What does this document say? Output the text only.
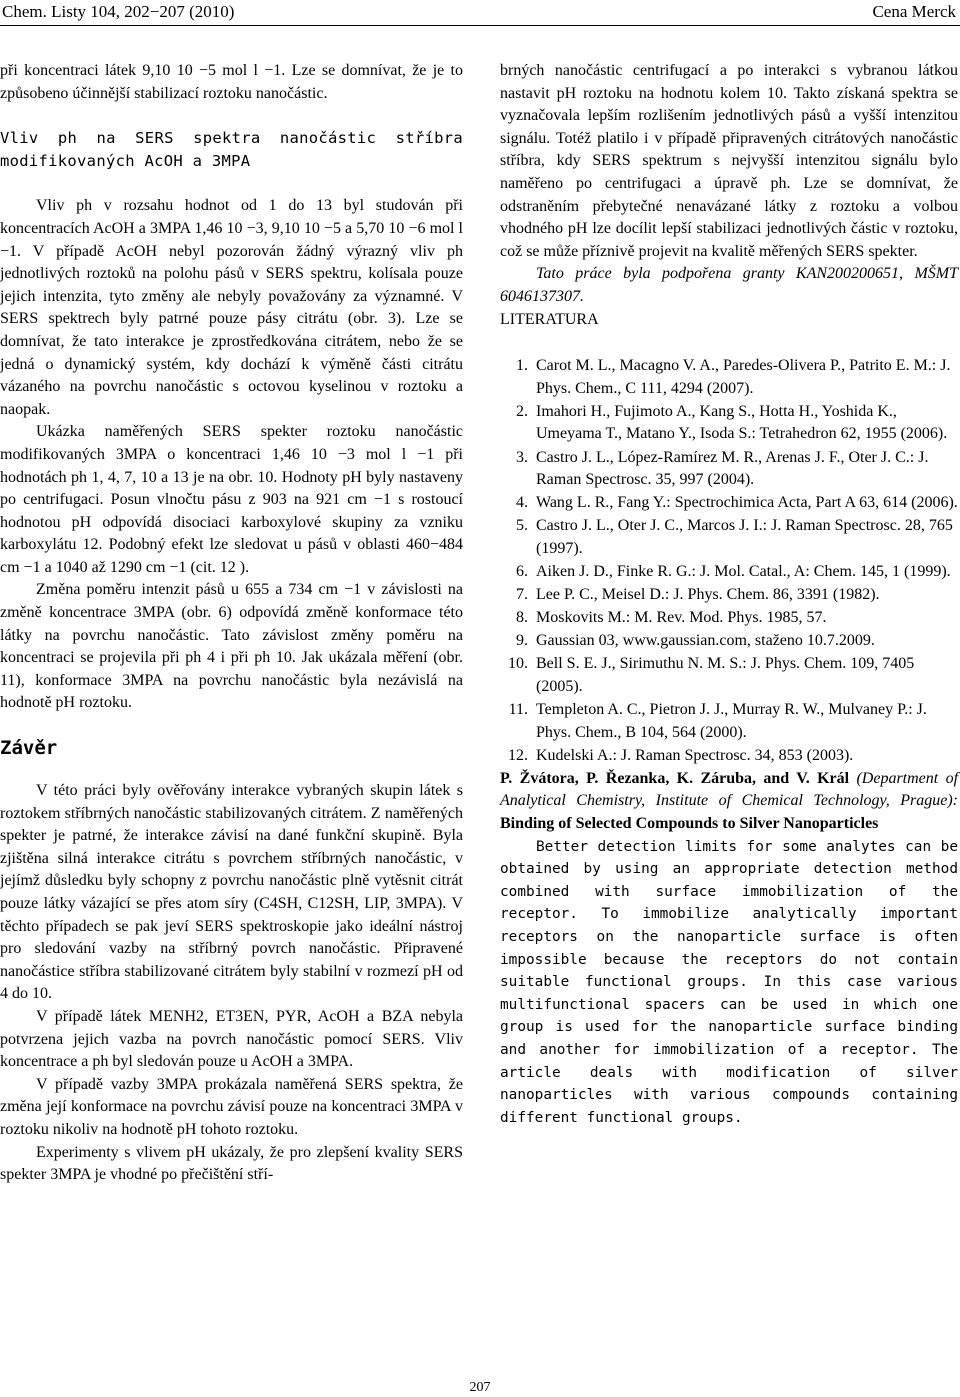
Chem. Listy 104, 202−207 (2010)	Cena Merck

při koncentraci látek 9,10 10 −5 mol l −1. Lze se domnívat, že je to způsobeno účinnější stabilizací roztoku nanočástic.

Vliv ph na SERS spektra nanočástic stříbra modifikovaných AcOH a 3MPA

Vliv ph v rozsahu hodnot od 1 do 13 byl studován při koncentracích AcOH a 3MPA 1,46 10 −3, 9,10 10 −5 a 5,70 10 −6 mol l −1. V případě AcOH nebyl pozorován žádný výrazný vliv ph jednotlivých roztoků na polohu pásů v SERS spektru, kolísala pouze jejich intenzita, tyto změny ale nebyly považovány za významné. V SERS spektrech byly patrné pouze pásy citrátu (obr. 3). Lze se domnívat, že tato interakce je zprostředkována citrátem, nebo že se jedná o dynamický systém, kdy dochází k výměně části citrátu vázaného na povrchu nanočástic s octovou kyselinou v roztoku a naopak.

Ukázka naměřených SERS spekter roztoku nanočástic modifikovaných 3MPA o koncentraci 1,46 10 −3 mol l −1 při hodnotách ph 1, 4, 7, 10 a 13 je na obr. 10. Hodnoty pH byly nastaveny po centrifugaci. Posun vlnočtu pásu z 903 na 921 cm −1 s rostoucí hodnotou pH odpovídá disociaci karboxylové skupiny za vzniku karboxylátu 12. Podobný efekt lze sledovat u pásů v oblasti 460−484 cm −1 a 1040 až 1290 cm −1 (cit. 12 ).

Změna poměru intenzit pásů u 655 a 734 cm −1 v závislosti na změně koncentrace 3MPA (obr. 6) odpovídá změně konformace této látky na povrchu nanočástic. Tato závislost změny poměru na koncentraci se projevila při ph 4 i při ph 10. Jak ukázala měření (obr. 11), konformace 3MPA na povrchu nanočástic byla nezávislá na hodnotě pH roztoku.

Závěr

V této práci byly ověřovány interakce vybraných skupin látek s roztokem stříbrných nanočástic stabilizovaných citrátem. Z naměřených spekter je patrné, že interakce závisí na dané funkční skupině. Byla zjištěna silná interakce citrátu s povrchem stříbrných nanočástic, v jejímž důsledku byly schopny z povrchu nanočástic plně vytěsnit citrát pouze látky vázající se přes atom síry (C4SH, C12SH, LIP, 3MPA). V těchto případech se pak jeví SERS spektroskopie jako ideální nástroj pro sledování vazby na stříbrný povrch nanočástic. Připravené nanočástice stříbra stabilizované citrátem byly stabilní v rozmezí pH od 4 do 10.

V případě látek MENH2, ET3EN, PYR, AcOH a BZA nebyla potvrzena jejich vazba na povrch nanočástic pomocí SERS. Vliv koncentrace a ph byl sledován pouze u AcOH a 3MPA.

V případě vazby 3MPA prokázala naměřená SERS spektra, že změna její konformace na povrchu závisí pouze na koncentraci 3MPA v roztoku nikoliv na hodnotě pH tohoto roztoku.

Experimenty s vlivem pH ukázaly, že pro zlepšení kvality SERS spekter 3MPA je vhodné po přečištění stří-

brných nanočástic centrifugací a po interakci s vybranou látkou nastavit pH roztoku na hodnotu kolem 10. Takto získaná spektra se vyznačovala lepším rozlišením jednotlivých pásů a vyšší intenzitou signálu. Totéž platilo i v případě připravených citrátových nanočástic stříbra, kdy SERS spektrum s nejvyšší intenzitou signálu bylo naměřeno po centrifugaci a úpravě ph. Lze se domnívat, že odstraněním přebytečné nenavázané látky z roztoku a volbou vhodného pH lze docílit lepší stabilizaci jednotlivých částic v roztoku, což se může příznivě projevit na kvalitě měřených SERS spekter.

Tato práce byla podpořena granty KAN200200651, MŠMT 6046137307.

LITERATURA
1. Carot M. L., Macagno V. A., Paredes-Olivera P., Patrito E. M.: J. Phys. Chem., C 111, 4294 (2007).
2. Imahori H., Fujimoto A., Kang S., Hotta H., Yoshida K., Umeyama T., Matano Y., Isoda S.: Tetrahedron 62, 1955 (2006).
3. Castro J. L., López-Ramírez M. R., Arenas J. F., Oter J. C.: J. Raman Spectrosc. 35, 997 (2004).
4. Wang L. R., Fang Y.: Spectrochimica Acta, Part A 63, 614 (2006).
5. Castro J. L., Oter J. C., Marcos J. I.: J. Raman Spectrosc. 28, 765 (1997).
6. Aiken J. D., Finke R. G.: J. Mol. Catal., A: Chem. 145, 1 (1999).
7. Lee P. C., Meisel D.: J. Phys. Chem. 86, 3391 (1982).
8. Moskovits M.: M. Rev. Mod. Phys. 1985, 57.
9. Gaussian 03, www.gaussian.com, staženo 10.7.2009.
10. Bell S. E. J., Sirimuthu N. M. S.: J. Phys. Chem. 109, 7405 (2005).
11. Templeton A. C., Pietron J. J., Murray R. W., Mulvaney P.: J. Phys. Chem., B 104, 564 (2000).
12. Kudelski A.: J. Raman Spectrosc. 34, 853 (2003).

P. Žvátora, P. Řezanka, K. Záruba, and V. Král (Department of Analytical Chemistry, Institute of Chemical Technology, Prague): Binding of Selected Compounds to Silver Nanoparticles

Better detection limits for some analytes can be obtained by using an appropriate detection method combined with surface immobilization of the receptor. To immobilize analytically important receptors on the nanoparticle surface is often impossible because the receptors do not contain suitable functional groups. In this case various multifunctional spacers can be used in which one group is used for the nanoparticle surface binding and another for immobilization of a receptor. The article deals with modification of silver nanoparticles with various compounds containing different functional groups.

207
